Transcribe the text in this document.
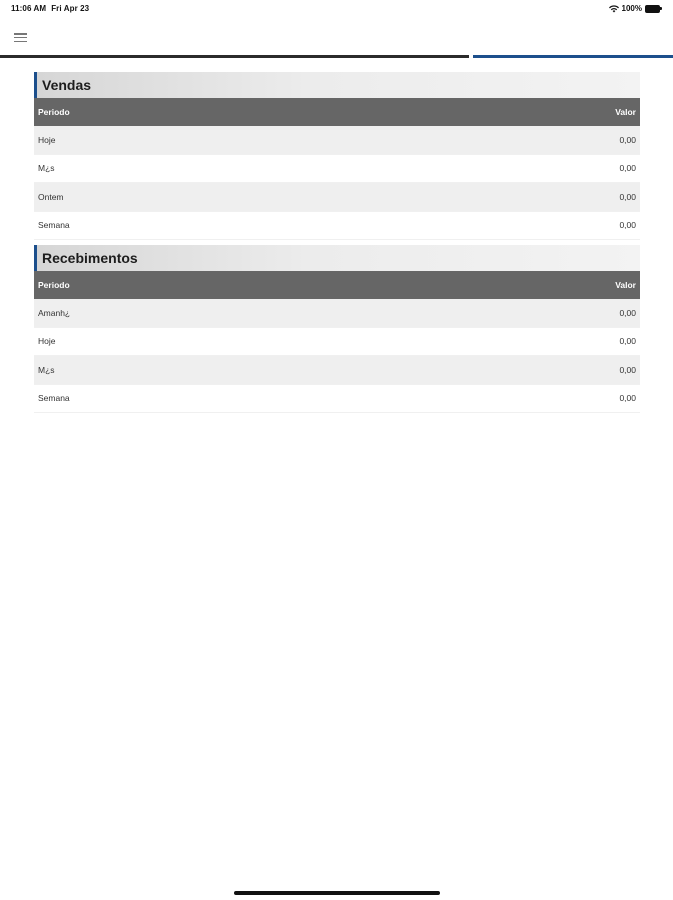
11:06 AM Fri Apr 23	100%
Vendas
Periodo	Valor
Hoje	0,00
M¿s	0,00
Ontem	0,00
Semana	0,00
Recebimentos
Periodo	Valor
Amanh¿	0,00
Hoje	0,00
M¿s	0,00
Semana	0,00
